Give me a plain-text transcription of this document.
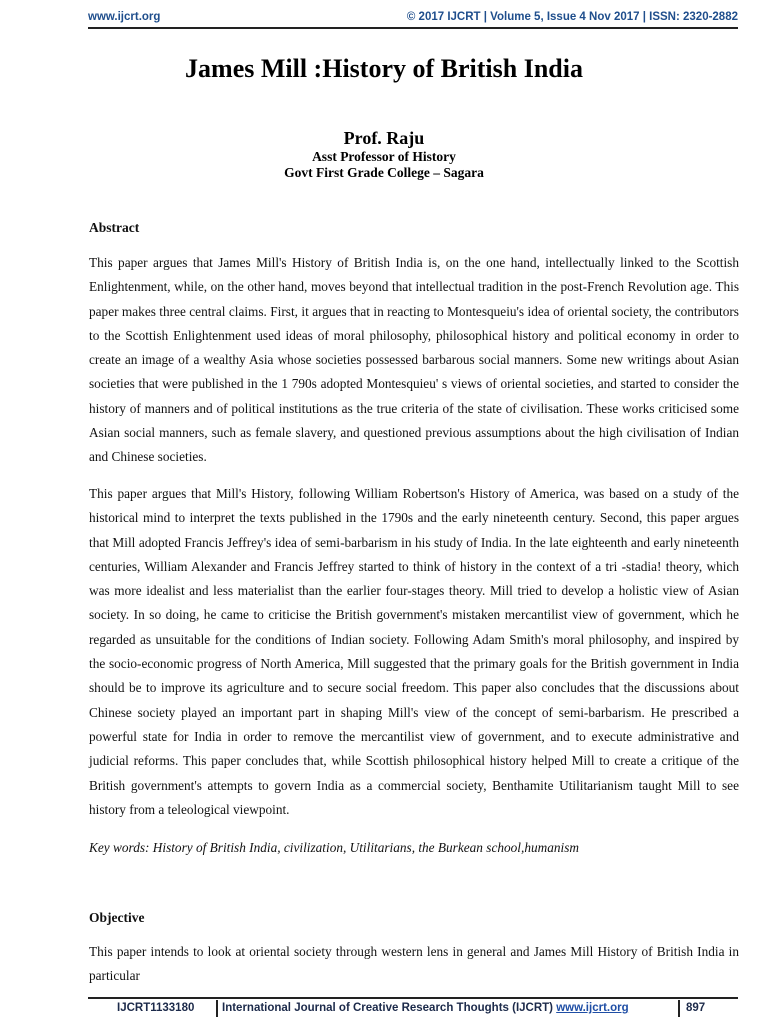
www.ijcrt.org	© 2017 IJCRT | Volume 5, Issue 4 Nov 2017 | ISSN: 2320-2882
James Mill :History of British India
Prof. Raju
Asst Professor of History
Govt First Grade College – Sagara
Abstract
This paper argues that James Mill's History of British India is, on the one hand, intellectually linked to the Scottish Enlightenment, while, on the other hand, moves beyond that intellectual tradition in the post-French Revolution age. This paper makes three central claims. First, it argues that in reacting to Montesqueiu's idea of oriental society, the contributors to the Scottish Enlightenment used ideas of moral philosophy, philosophical history and political economy in order to create an image of a wealthy Asia whose societies possessed barbarous social manners. Some new writings about Asian societies that were published in the 1 790s adopted Montesquieu' s views of oriental societies, and started to consider the history of manners and of political institutions as the true criteria of the state of civilisation. These works criticised some Asian social manners, such as female slavery, and questioned previous assumptions about the high civilisation of Indian and Chinese societies.
This paper argues that Mill's History, following William Robertson's History of America, was based on a study of the historical mind to interpret the texts published in the 1790s and the early nineteenth century. Second, this paper argues that Mill adopted Francis Jeffrey's idea of semi-barbarism in his study of India. In the late eighteenth and early nineteenth centuries, William Alexander and Francis Jeffrey started to think of history in the context of a tri -stadia! theory, which was more idealist and less materialist than the earlier four-stages theory. Mill tried to develop a holistic view of Asian society. In so doing, he came to criticise the British government's mistaken mercantilist view of government, which he regarded as unsuitable for the conditions of Indian society. Following Adam Smith's moral philosophy, and inspired by the socio-economic progress of North America, Mill suggested that the primary goals for the British government in India should be to improve its agriculture and to secure social freedom. This paper also concludes that the discussions about Chinese society played an important part in shaping Mill's view of the concept of semi-barbarism. He prescribed a powerful state for India in order to remove the mercantilist view of government, and to execute administrative and judicial reforms. This paper concludes that, while Scottish philosophical history helped Mill to create a critique of the British government's attempts to govern India as a commercial society, Benthamite Utilitarianism taught Mill to see history from a teleological viewpoint.
Key words: History of British India, civilization, Utilitarians, the Burkean school,humanism
Objective
This paper intends to look at oriental society through western lens in general and James Mill History of British India in particular
IJCRT1133180 International Journal of Creative Research Thoughts (IJCRT) www.ijcrt.org	897
